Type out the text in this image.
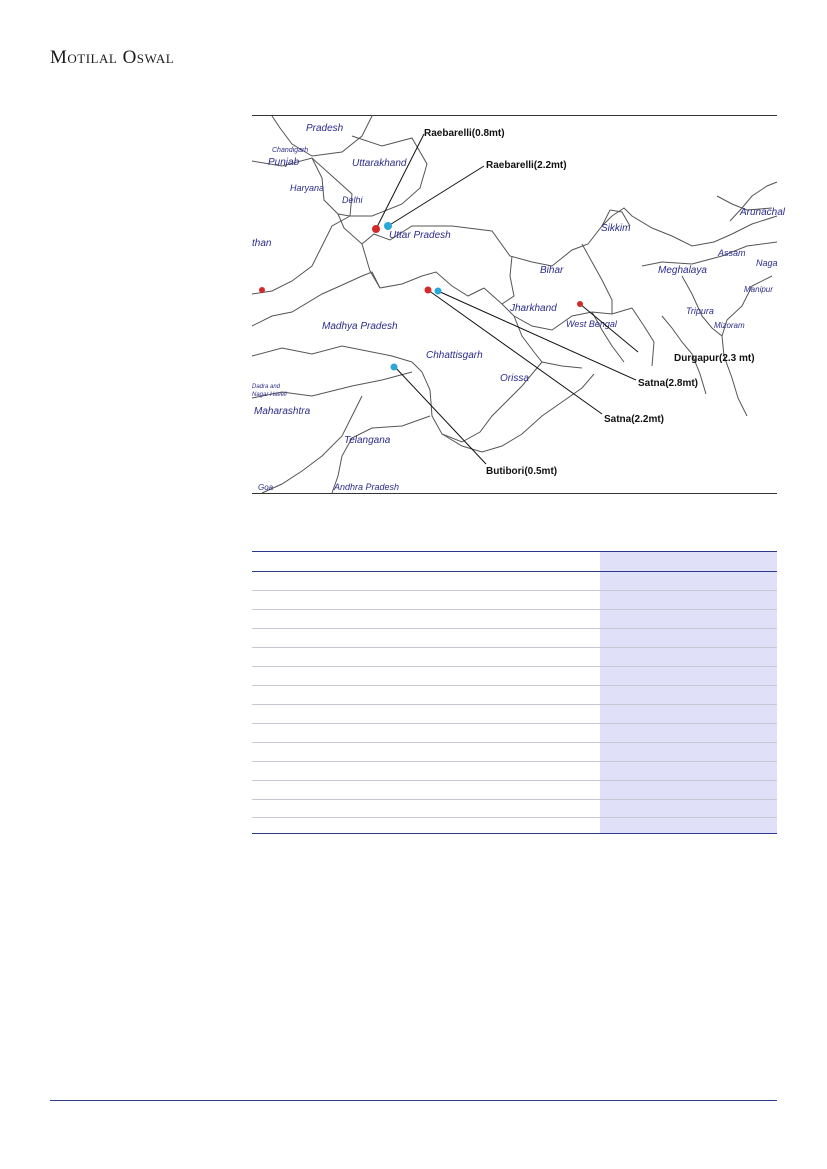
Motilal Oswal
Pradesh
Chandigarh
Punjab	Uttarakhand
Haryana
Delhi
than
Uttar Pradesh
Sikkim
Arunachal
Assam
Naga
Meghalaya
Bihar
Manipur
Madhya Pradesh
Jharkhand	Tripura
West Bengal	Mizoram
Chhattisgarh
Dadra and
Nagar Haveli
Orissa
Maharashtra
Telangana
Goa	Andhra Pradesh
Raebarelli(0.8mt)
Raebarelli(2.2mt)
Durgapur(2.3 mt)
Satna(2.8mt)
Satna(2.2mt)
Butibori(0.5mt)
